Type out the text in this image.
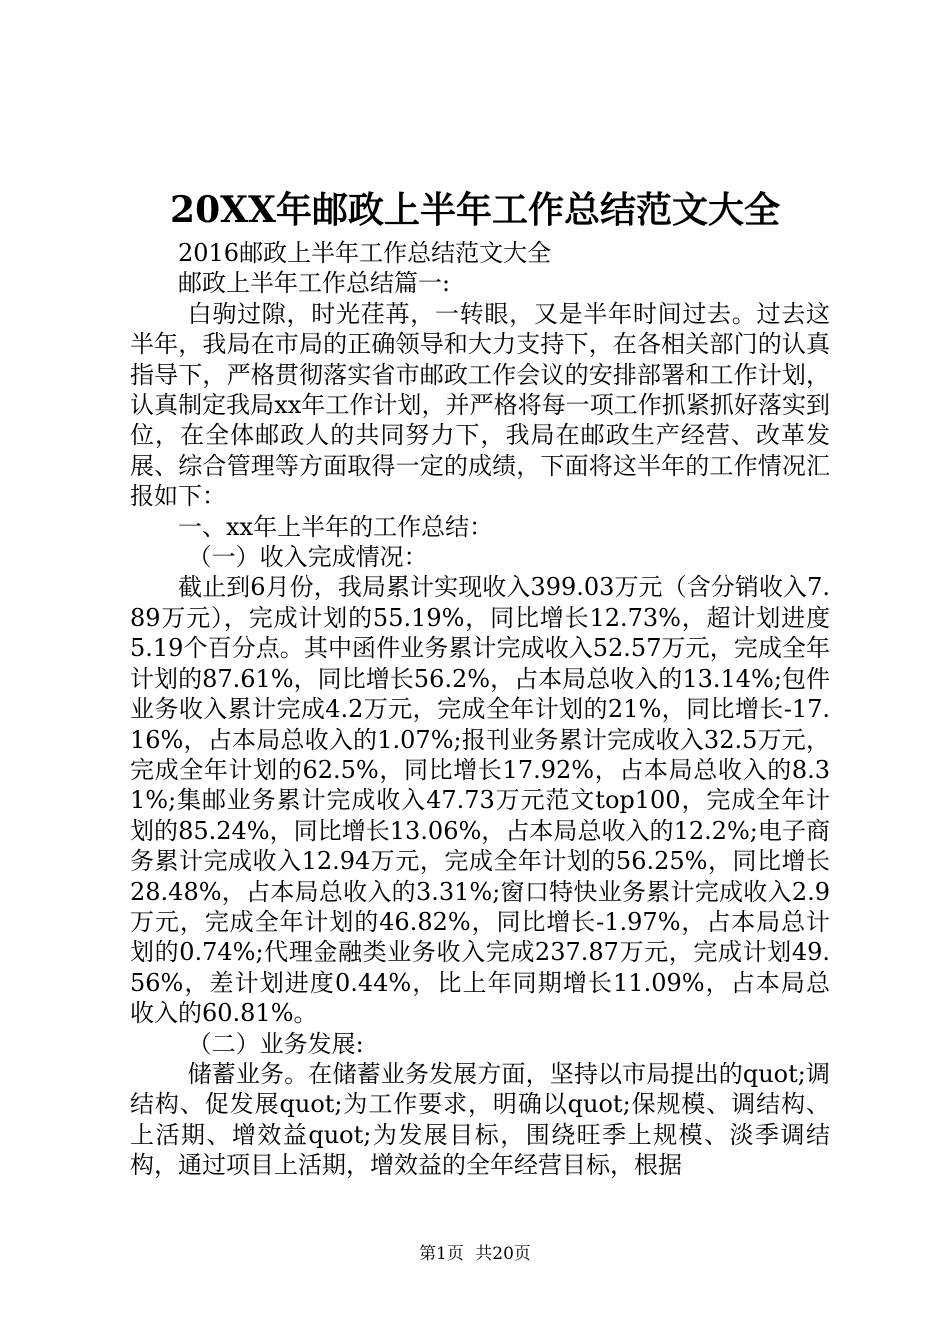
20XX年邮政上半年工作总结范文大全

2016邮政上半年工作总结范文大全

邮政上半年工作总结篇一:

白驹过隙，时光荏苒，一转眼，又是半年时间过去。过去这半年，我局在市局的正确领导和大力支持下，在各相关部门的认真指导下，严格贯彻落实省市邮政工作会议的安排部署和工作计划，认真制定我局xx年工作计划，并严格将每一项工作抓紧抓好落实到位，在全体邮政人的共同努力下，我局在邮政生产经营、改革发展、综合管理等方面取得一定的成绩，下面将这半年的工作情况汇报如下：

一、xx年上半年的工作总结：

（一）收入完成情况：

截止到6月份，我局累计实现收入399.03万元（含分销收入7.89万元），完成计划的55.19%，同比增长12.73%，超计划进度5.19个百分点。其中函件业务累计完成收入52.57万元，完成全年计划的87.61%，同比增长56.2%，占本局总收入的13.14%;包件业务收入累计完成4.2万元，完成全年计划的21%，同比增长-17.16%，占本局总收入的1.07%;报刊业务累计完成收入32.5万元，完成全年计划的62.5%，同比增长17.92%，占本局总收入的8.31%;集邮业务累计完成收入47.73万元范文top100，完成全年计划的85.24%，同比增长13.06%，占本局总收入的12.2%;电子商务累计完成收入12.94万元，完成全年计划的56.25%，同比增长28.48%，占本局总收入的3.31%;窗口特快业务累计完成收入2.9万元，完成全年计划的46.82%，同比增长-1.97%，占本局总计划的0.74%;代理金融类业务收入完成237.87万元，完成计划49.56%，差计划进度0.44%，比上年同期增长11.09%，占本局总收入的60.81%。

（二）业务发展:

储蓄业务。在储蓄业务发展方面，坚持以市局提出的quot;调结构、促发展quot;为工作要求，明确以quot;保规模、调结构、上活期、增效益quot;为发展目标，围绕旺季上规模、淡季调结构，通过项目上活期，增效益的全年经营目标，根据

第1页 共20页
